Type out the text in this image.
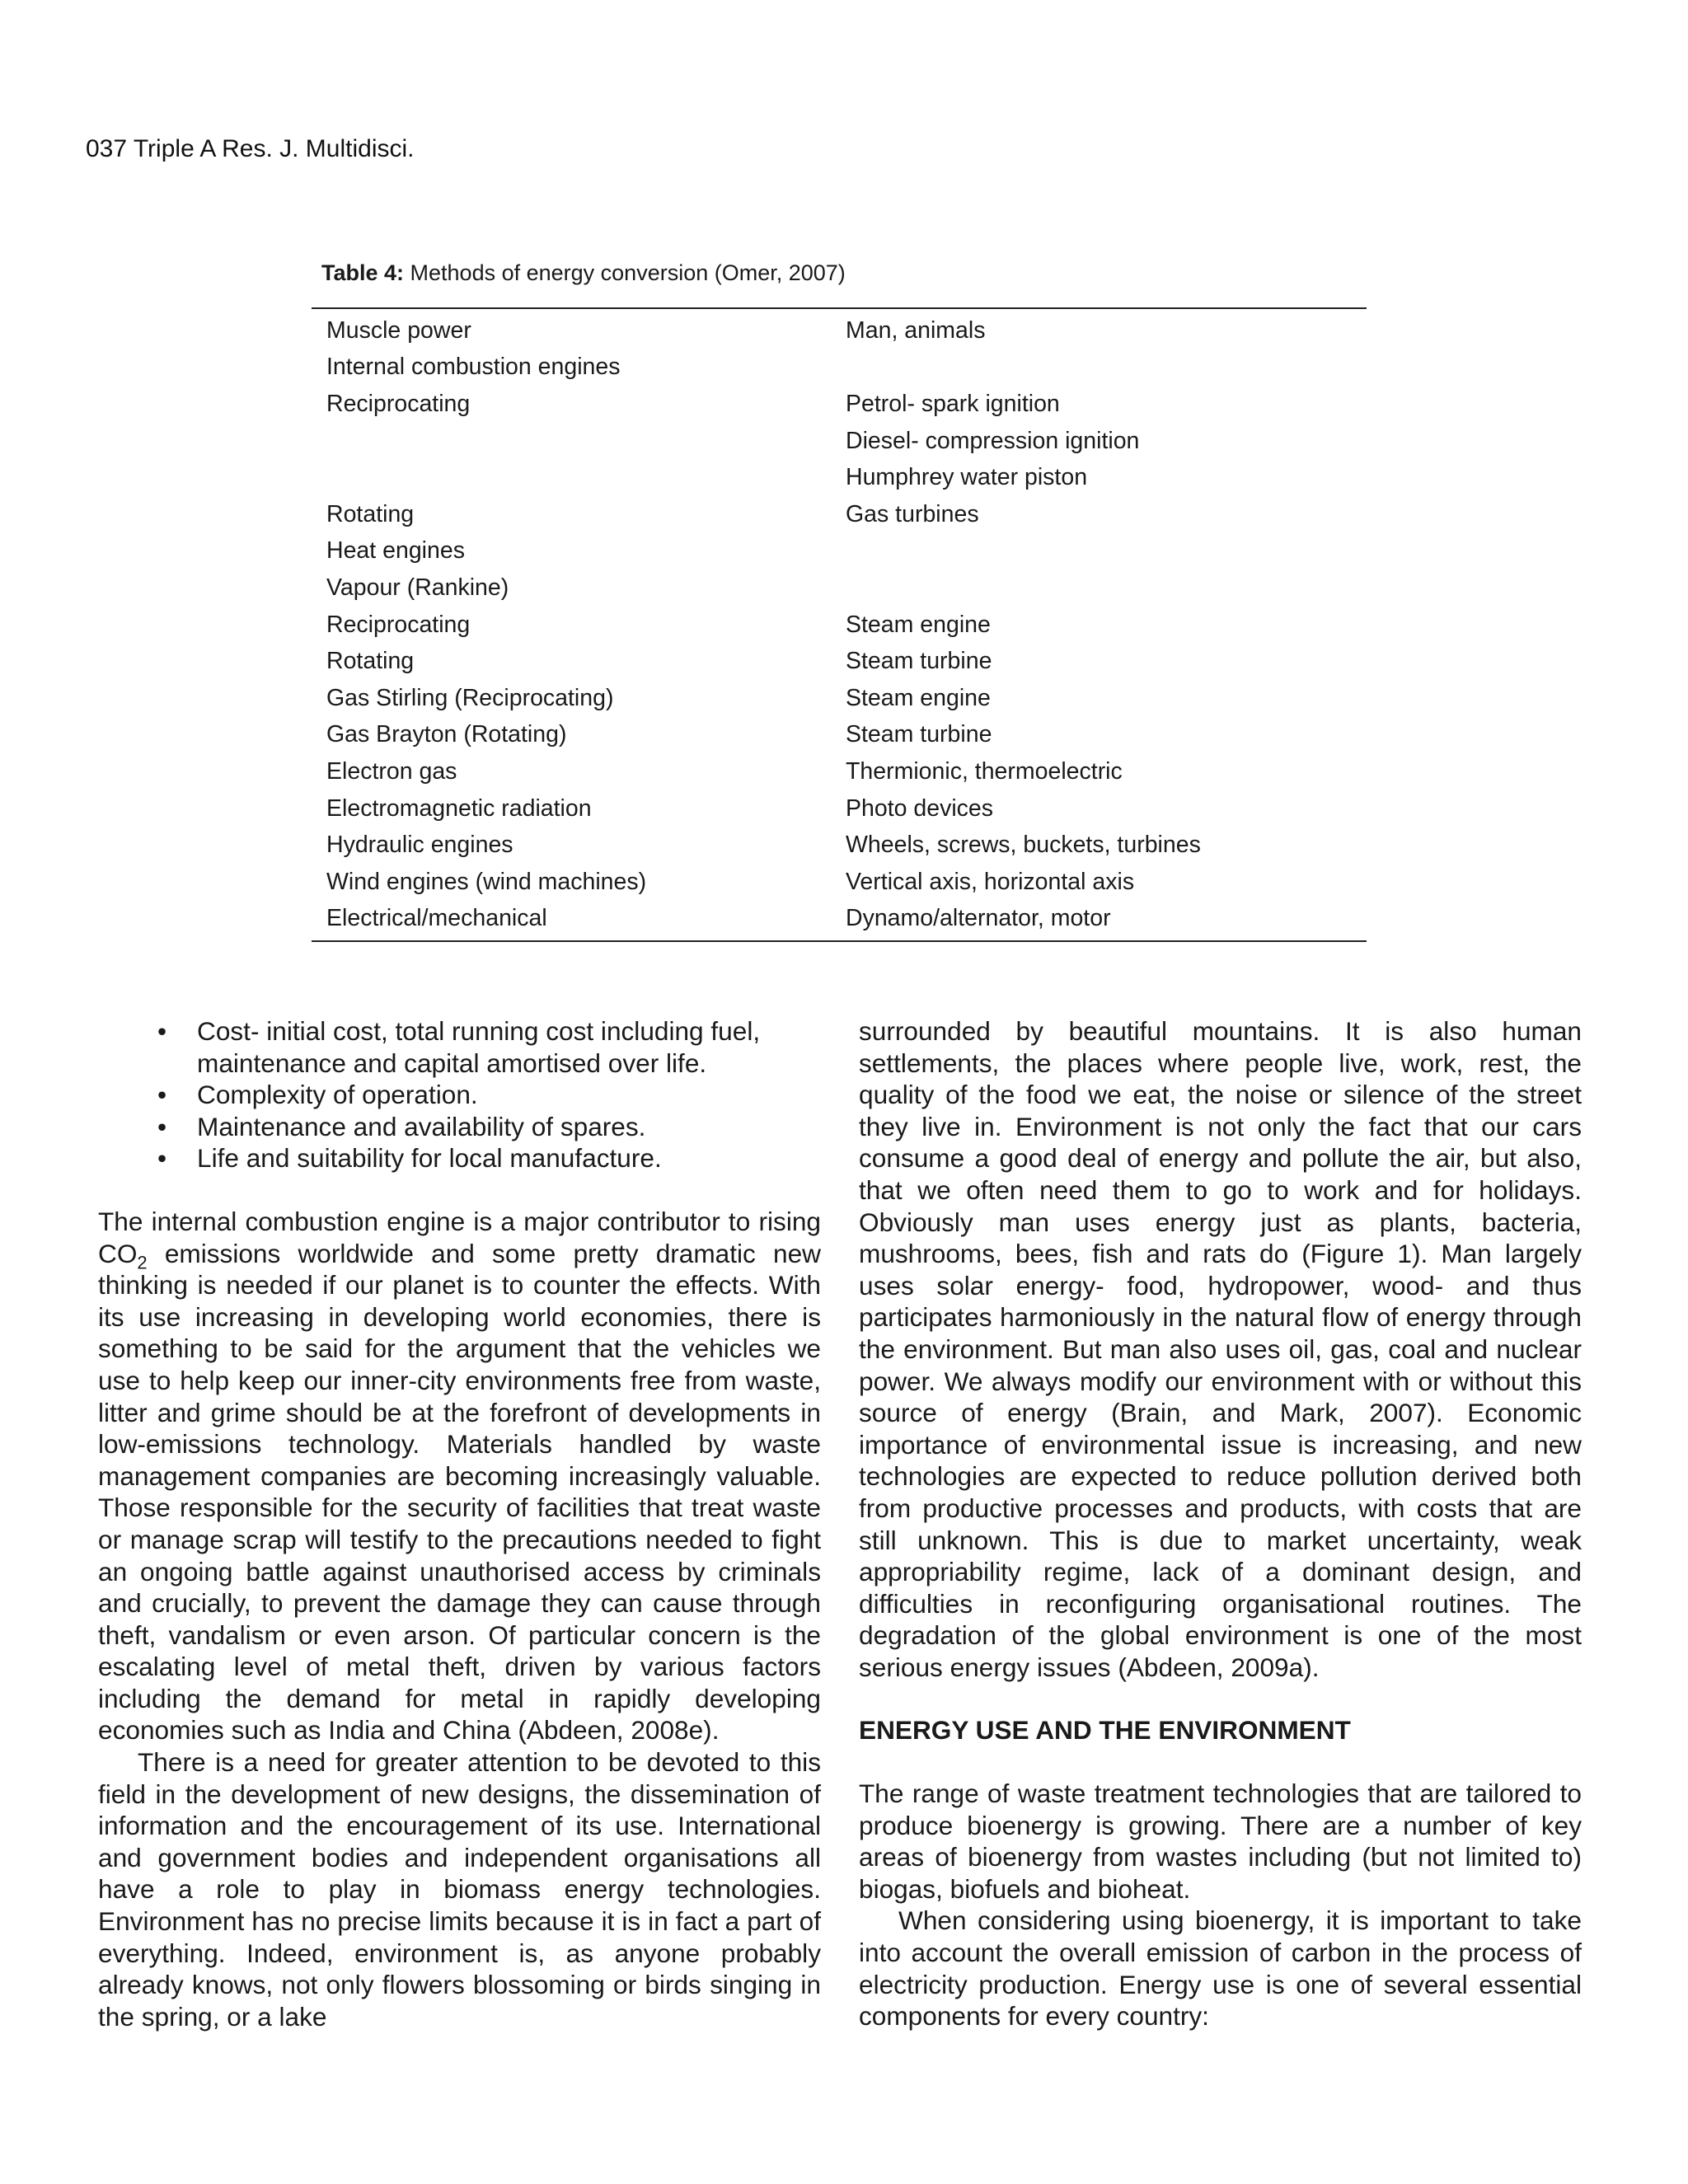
037 Triple A Res. J. Multidisci.
Table 4: Methods of energy conversion (Omer, 2007)
Muscle power	Man, animals
Internal combustion engines	
Reciprocating	Petrol- spark ignition
	Diesel- compression ignition
	Humphrey water piston
Rotating	Gas turbines
Heat engines	
Vapour (Rankine)	
Reciprocating	Steam engine
Rotating	Steam turbine
Gas Stirling (Reciprocating)	Steam engine
Gas Brayton (Rotating)	Steam turbine
Electron gas	Thermionic, thermoelectric
Electromagnetic radiation	Photo devices
Hydraulic engines	Wheels, screws, buckets, turbines
Wind engines (wind machines)	Vertical axis, horizontal axis
Electrical/mechanical	Dynamo/alternator, motor
• Cost- initial cost, total running cost including fuel, maintenance and capital amortised over life.
• Complexity of operation.
• Maintenance and availability of spares.
• Life and suitability for local manufacture.

The internal combustion engine is a major contributor to rising $CO_2$ emissions worldwide and some pretty dramatic new thinking is needed if our planet is to counter the effects. With its use increasing in developing world economies, there is something to be said for the argument that the vehicles we use to help keep our inner-city environments free from waste, litter and grime should be at the forefront of developments in low-emissions technology. Materials handled by waste management companies are becoming increasingly valuable. Those responsible for the security of facilities that treat waste or manage scrap will testify to the precautions needed to fight an ongoing battle against unauthorised access by criminals and crucially, to prevent the damage they can cause through theft, vandalism or even arson. Of particular concern is the escalating level of metal theft, driven by various factors including the demand for metal in rapidly developing economies such as India and China (Abdeen, 2008e).

There is a need for greater attention to be devoted to this field in the development of new designs, the dissemination of information and the encouragement of its use. International and government bodies and independent organisations all have a role to play in biomass energy technologies. Environment has no precise limits because it is in fact a part of everything. Indeed, environment is, as anyone probably already knows, not only flowers blossoming or birds singing in the spring, or a lake

surrounded by beautiful mountains. It is also human settlements, the places where people live, work, rest, the quality of the food we eat, the noise or silence of the street they live in. Environment is not only the fact that our cars consume a good deal of energy and pollute the air, but also, that we often need them to go to work and for holidays. Obviously man uses energy just as plants, bacteria, mushrooms, bees, fish and rats do (Figure 1). Man largely uses solar energy- food, hydropower, wood- and thus participates harmoniously in the natural flow of energy through the environment. But man also uses oil, gas, coal and nuclear power. We always modify our environment with or without this source of energy (Brain, and Mark, 2007). Economic importance of environmental issue is increasing, and new technologies are expected to reduce pollution derived both from productive processes and products, with costs that are still unknown. This is due to market uncertainty, weak appropriability regime, lack of a dominant design, and difficulties in reconfiguring organisational routines. The degradation of the global environment is one of the most serious energy issues (Abdeen, 2009a).

ENERGY USE AND THE ENVIRONMENT

The range of waste treatment technologies that are tailored to produce bioenergy is growing. There are a number of key areas of bioenergy from wastes including (but not limited to) biogas, biofuels and bioheat.

When considering using bioenergy, it is important to take into account the overall emission of carbon in the process of electricity production. Energy use is one of several essential components for every country:
